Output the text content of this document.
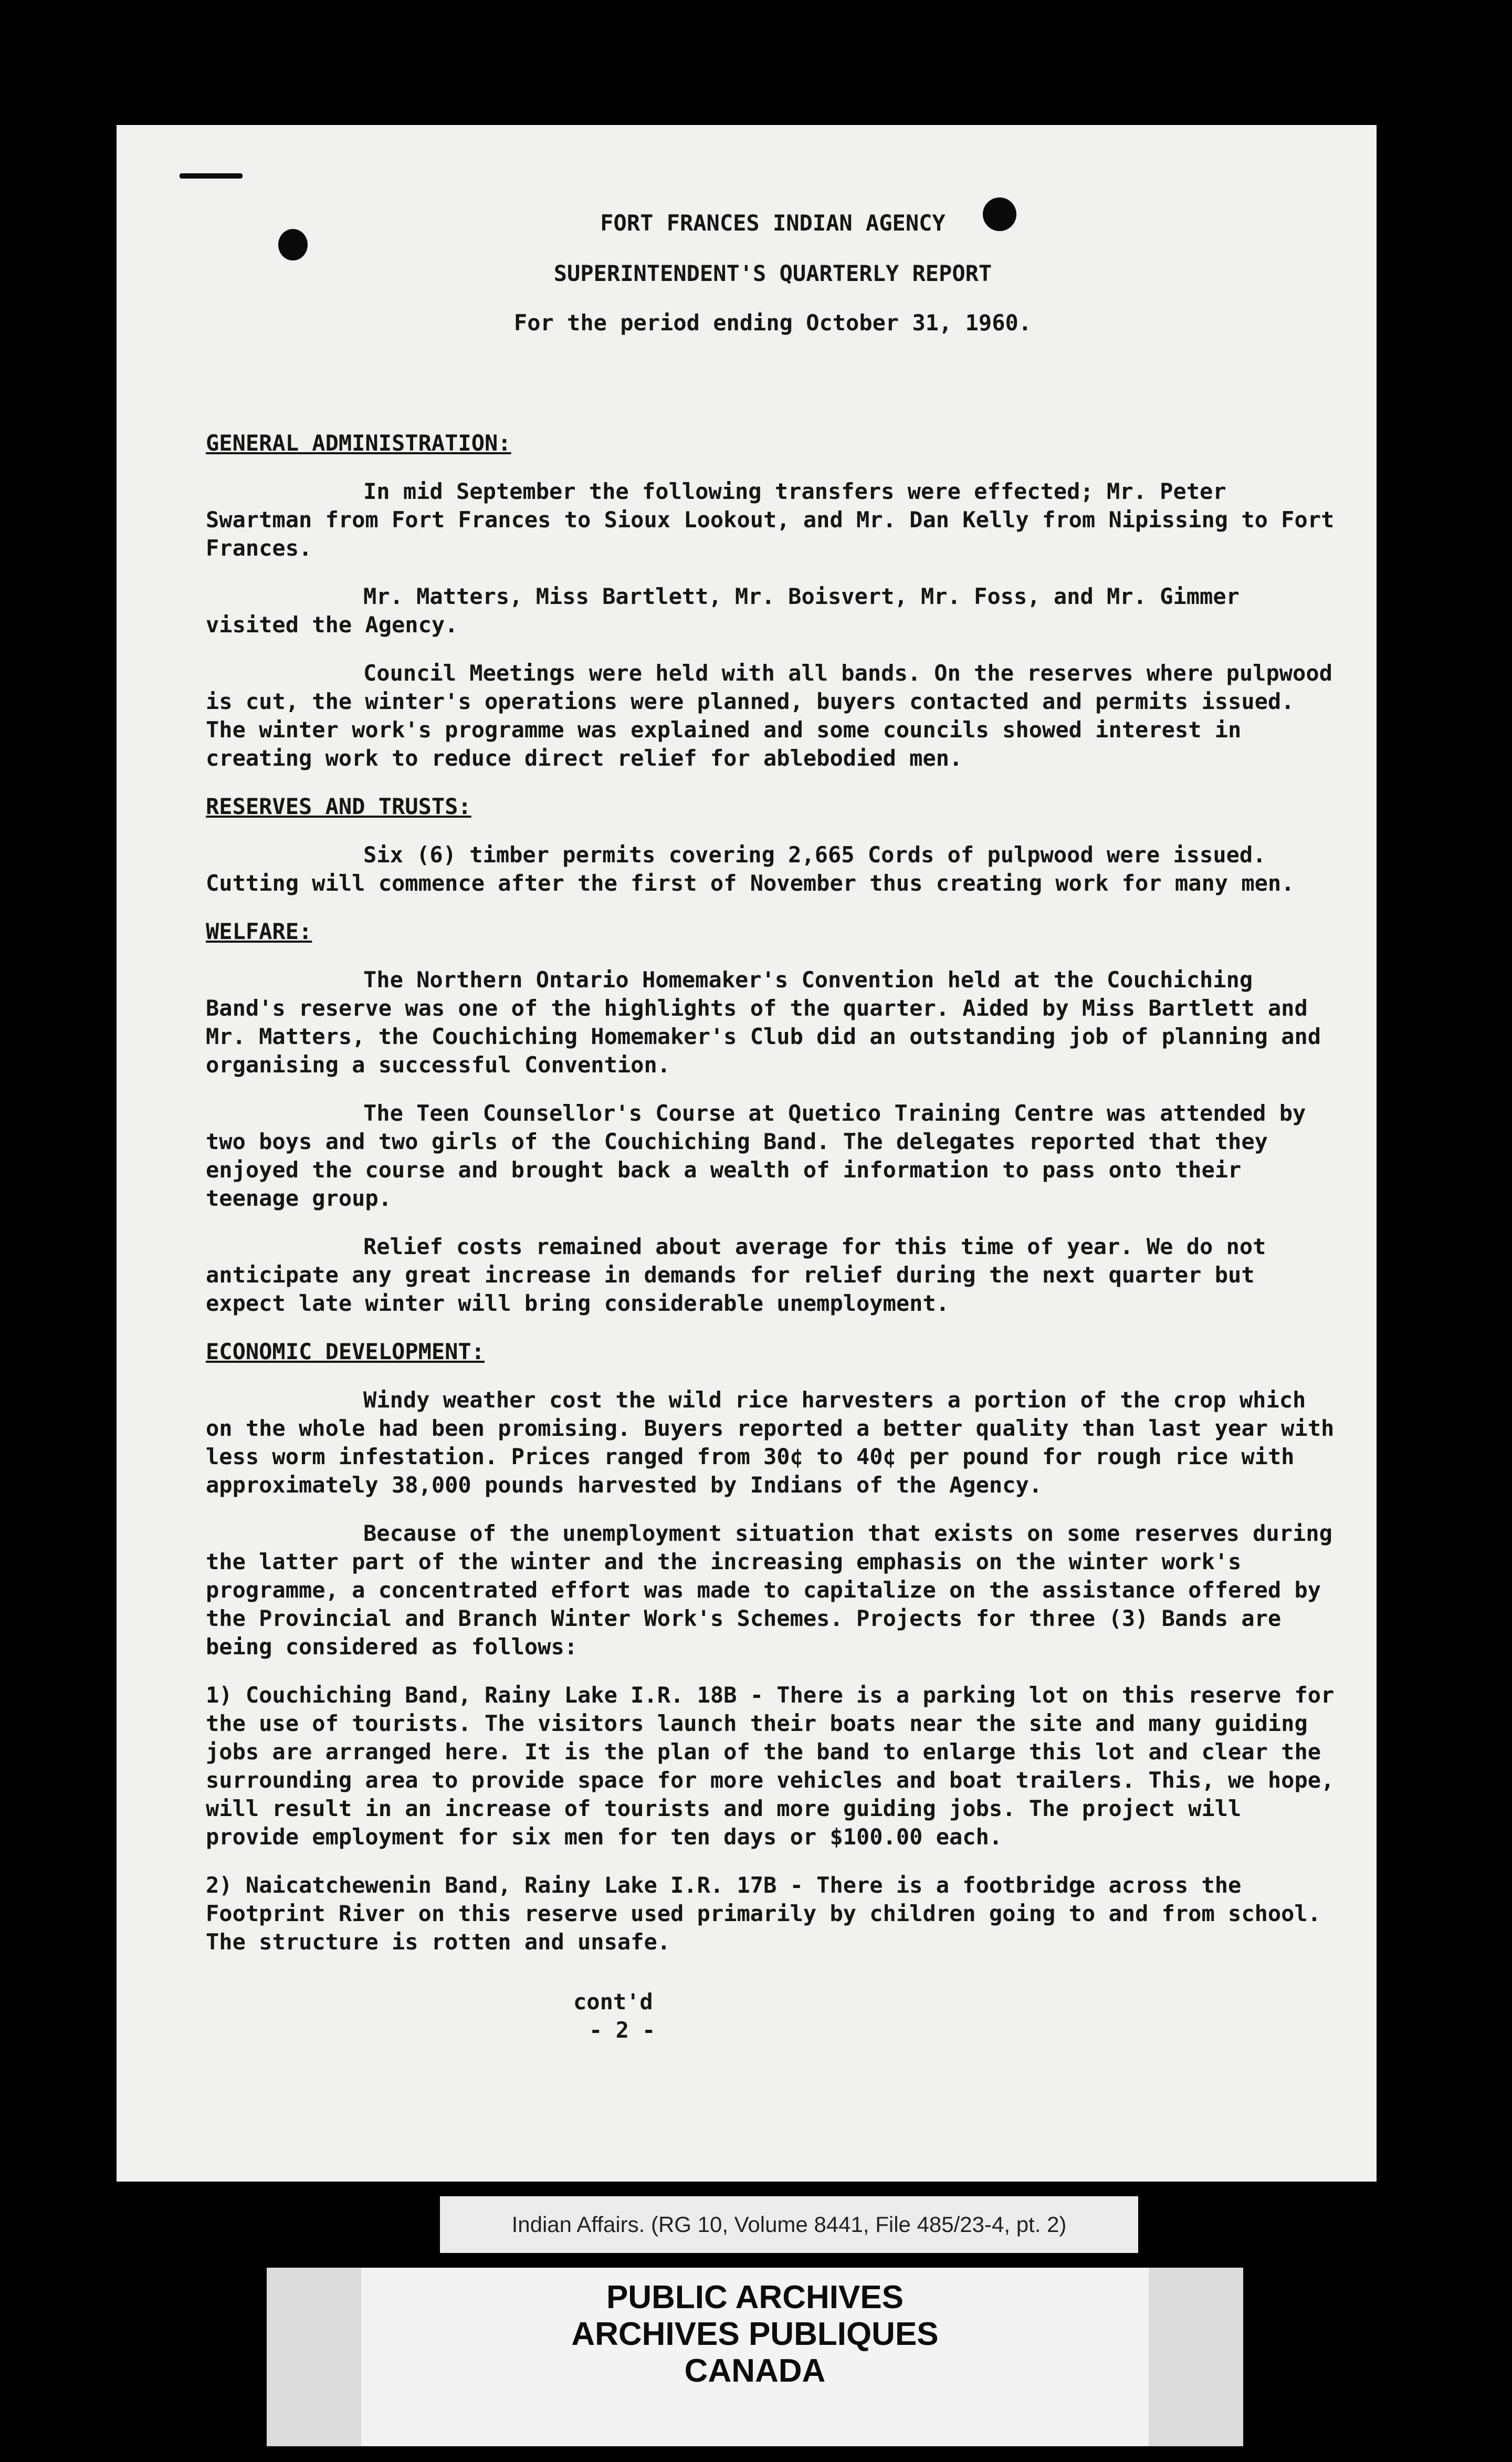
FORT FRANCES INDIAN AGENCY
SUPERINTENDENT'S QUARTERLY REPORT
For the period ending October 31, 1960.
GENERAL ADMINISTRATION:

In mid September the following transfers were effected; Mr. Peter Swartman from Fort Frances to Sioux Lookout, and Mr. Dan Kelly from Nipissing to Fort Frances.

Mr. Matters, Miss Bartlett, Mr. Boisvert, Mr. Foss, and Mr. Gimmer visited the Agency.

Council Meetings were held with all bands. On the reserves where pulpwood is cut, the winter's operations were planned, buyers contacted and permits issued. The winter work's programme was explained and some councils showed interest in creating work to reduce direct relief for ablebodied men.

RESERVES AND TRUSTS:

Six (6) timber permits covering 2,665 Cords of pulpwood were issued. Cutting will commence after the first of November thus creating work for many men.

WELFARE:

The Northern Ontario Homemaker's Convention held at the Couchiching Band's reserve was one of the highlights of the quarter. Aided by Miss Bartlett and Mr. Matters, the Couchiching Homemaker's Club did an outstanding job of planning and organising a successful Convention.

The Teen Counsellor's Course at Quetico Training Centre was attended by two boys and two girls of the Couchiching Band. The delegates reported that they enjoyed the course and brought back a wealth of information to pass onto their teenage group.

Relief costs remained about average for this time of year. We do not anticipate any great increase in demands for relief during the next quarter but expect late winter will bring considerable unemployment.

ECONOMIC DEVELOPMENT:

Windy weather cost the wild rice harvesters a portion of the crop which on the whole had been promising. Buyers reported a better quality than last year with less worm infestation. Prices ranged from 30¢ to 40¢ per pound for rough rice with approximately 38,000 pounds harvested by Indians of the Agency.

Because of the unemployment situation that exists on some reserves during the latter part of the winter and the increasing emphasis on the winter work's programme, a concentrated effort was made to capitalize on the assistance offered by the Provincial and Branch Winter Work's Schemes. Projects for three (3) Bands are being considered as follows:

1) Couchiching Band, Rainy Lake I.R. 18B - There is a parking lot on this reserve for the use of tourists. The visitors launch their boats near the site and many guiding jobs are arranged here. It is the plan of the band to enlarge this lot and clear the surrounding area to provide space for more vehicles and boat trailers. This, we hope, will result in an increase of tourists and more guiding jobs. The project will provide employment for six men for ten days or $100.00 each.

2) Naicatchewenin Band, Rainy Lake I.R. 17B - There is a footbridge across the Footprint River on this reserve used primarily by children going to and from school. The structure is rotten and unsafe.

cont'd

- 2 -

Indian Affairs. (RG 10, Volume 8441, File 485/23-4, pt. 2)
PUBLIC ARCHIVES
ARCHIVES PUBLIQUES
CANADA
